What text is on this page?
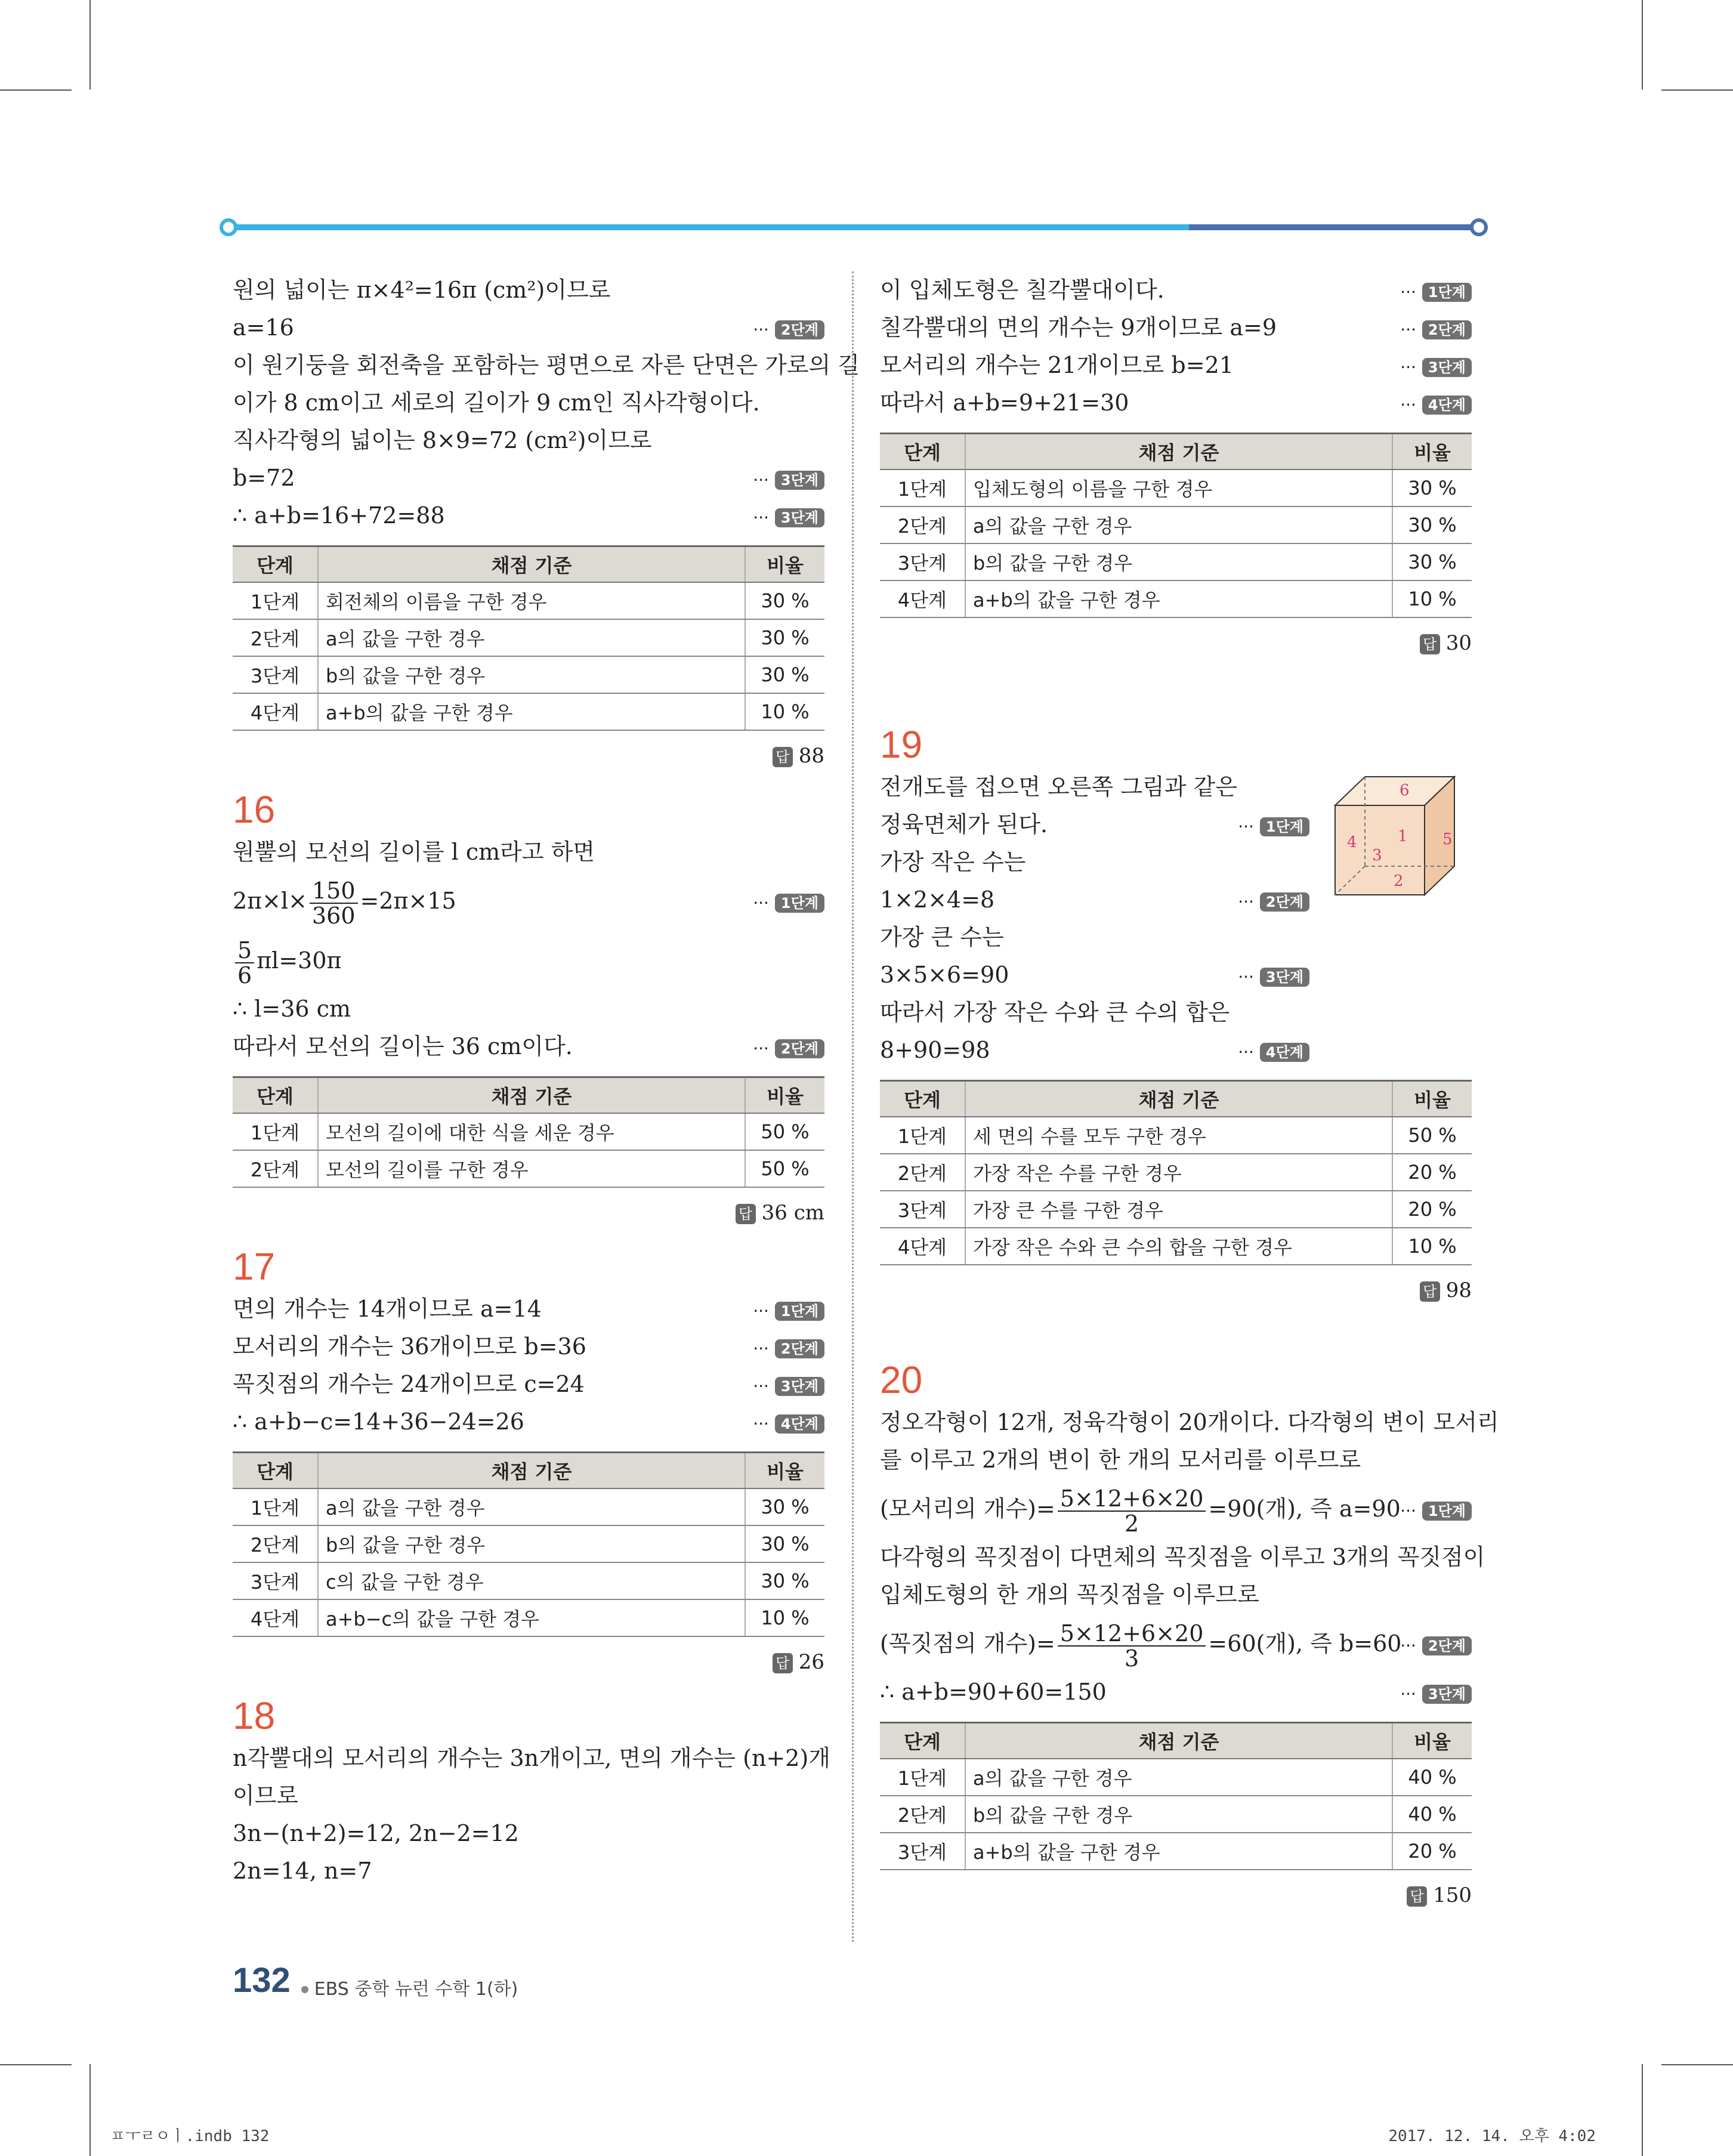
원의 넓이는 π×4²=16π (cm²)이므로
a=16	··· 2단계
이 원기둥을 회전축을 포함하는 평면으로 자른 단면은 가로의 길
이가 8 cm이고 세로의 길이가 9 cm인 직사각형이다.
직사각형의 넓이는 8×9=72 (cm²)이므로
b=72	··· 3단계
∴ a+b=16+72=88	··· 3단계
단계	채점 기준	비율
1단계	회전체의 이름을 구한 경우	30 %
2단계	a의 값을 구한 경우	30 %
3단계	b의 값을 구한 경우	30 %
4단계	a+b의 값을 구한 경우	10 %
답 88
16
원뿔의 모선의 길이를 l cm라고 하면
$2\pi\times l\times \frac{150}{360} =2\pi\times 15$	··· 1단계
$\frac{5}{6} \pi l=30\pi$
∴ l=36 cm
따라서 모선의 길이는 36 cm이다.	··· 2단계
단계	채점 기준	비율
1단계	모선의 길이에 대한 식을 세운 경우	50 %
2단계	모선의 길이를 구한 경우	50 %
답 36 cm
17
면의 개수는 14개이므로 a=14	··· 1단계
모서리의 개수는 36개이므로 b=36	··· 2단계
꼭짓점의 개수는 24개이므로 c=24	··· 3단계
∴ a+b−c=14+36−24=26	··· 4단계
단계	채점 기준	비율
1단계	a의 값을 구한 경우	30 %
2단계	b의 값을 구한 경우	30 %
3단계	c의 값을 구한 경우	30 %
4단계	a+b−c의 값을 구한 경우	10 %
답 26
18
n각뿔대의 모서리의 개수는 3n개이고, 면의 개수는 (n+2)개
이므로
3n−(n+2)=12, 2n−2=12
2n=14, n=7
이 입체도형은 칠각뿔대이다.	··· 1단계
칠각뿔대의 면의 개수는 9개이므로 a=9	··· 2단계
모서리의 개수는 21개이므로 b=21	··· 3단계
따라서 a+b=9+21=30	··· 4단계
단계	채점 기준	비율
1단계	입체도형의 이름을 구한 경우	30 %
2단계	a의 값을 구한 경우	30 %
3단계	b의 값을 구한 경우	30 %
4단계	a+b의 값을 구한 경우	10 %
답 30
19
전개도를 접으면 오른쪽 그림과 같은
정육면체가 된다.	··· 1단계
가장 작은 수는
1×2×4=8	··· 2단계
가장 큰 수는
3×5×6=90	··· 3단계
따라서 가장 작은 수와 큰 수의 합은
8+90=98	··· 4단계
단계	채점 기준	비율
1단계	세 면의 수를 모두 구한 경우	50 %
2단계	가장 작은 수를 구한 경우	20 %
3단계	가장 큰 수를 구한 경우	20 %
4단계	가장 작은 수와 큰 수의 합을 구한 경우	10 %
답 98
20
정오각형이 12개, 정육각형이 20개이다. 다각형의 변이 모서리
를 이루고 2개의 변이 한 개의 모서리를 이루므로
(모서리의 개수)= $\frac{5\times 12+6\times 20}{2} =90$(개), 즉 a=90 ··· 1단계
다각형의 꼭짓점이 다면체의 꼭짓점을 이루고 3개의 꼭짓점이
입체도형의 한 개의 꼭짓점을 이루므로
(꼭짓점의 개수)= $\frac{5\times 12+6\times 20}{3} =60$(개), 즉 b=60
··· 2단계
∴ a+b=90+60=150	··· 3단계
단계	채점 기준	비율
1단계	a의 값을 구한 경우	40 %
2단계	b의 값을 구한 경우	40 %
3단계	a+b의 값을 구한 경우	20 %
답 150
6
4	1 5
3
2
132 EBS 중학 뉴런 수학 1(하)
ㅍㅜㄹㅇㅣ.indb 132	2017. 12. 14. 오후 4:02
